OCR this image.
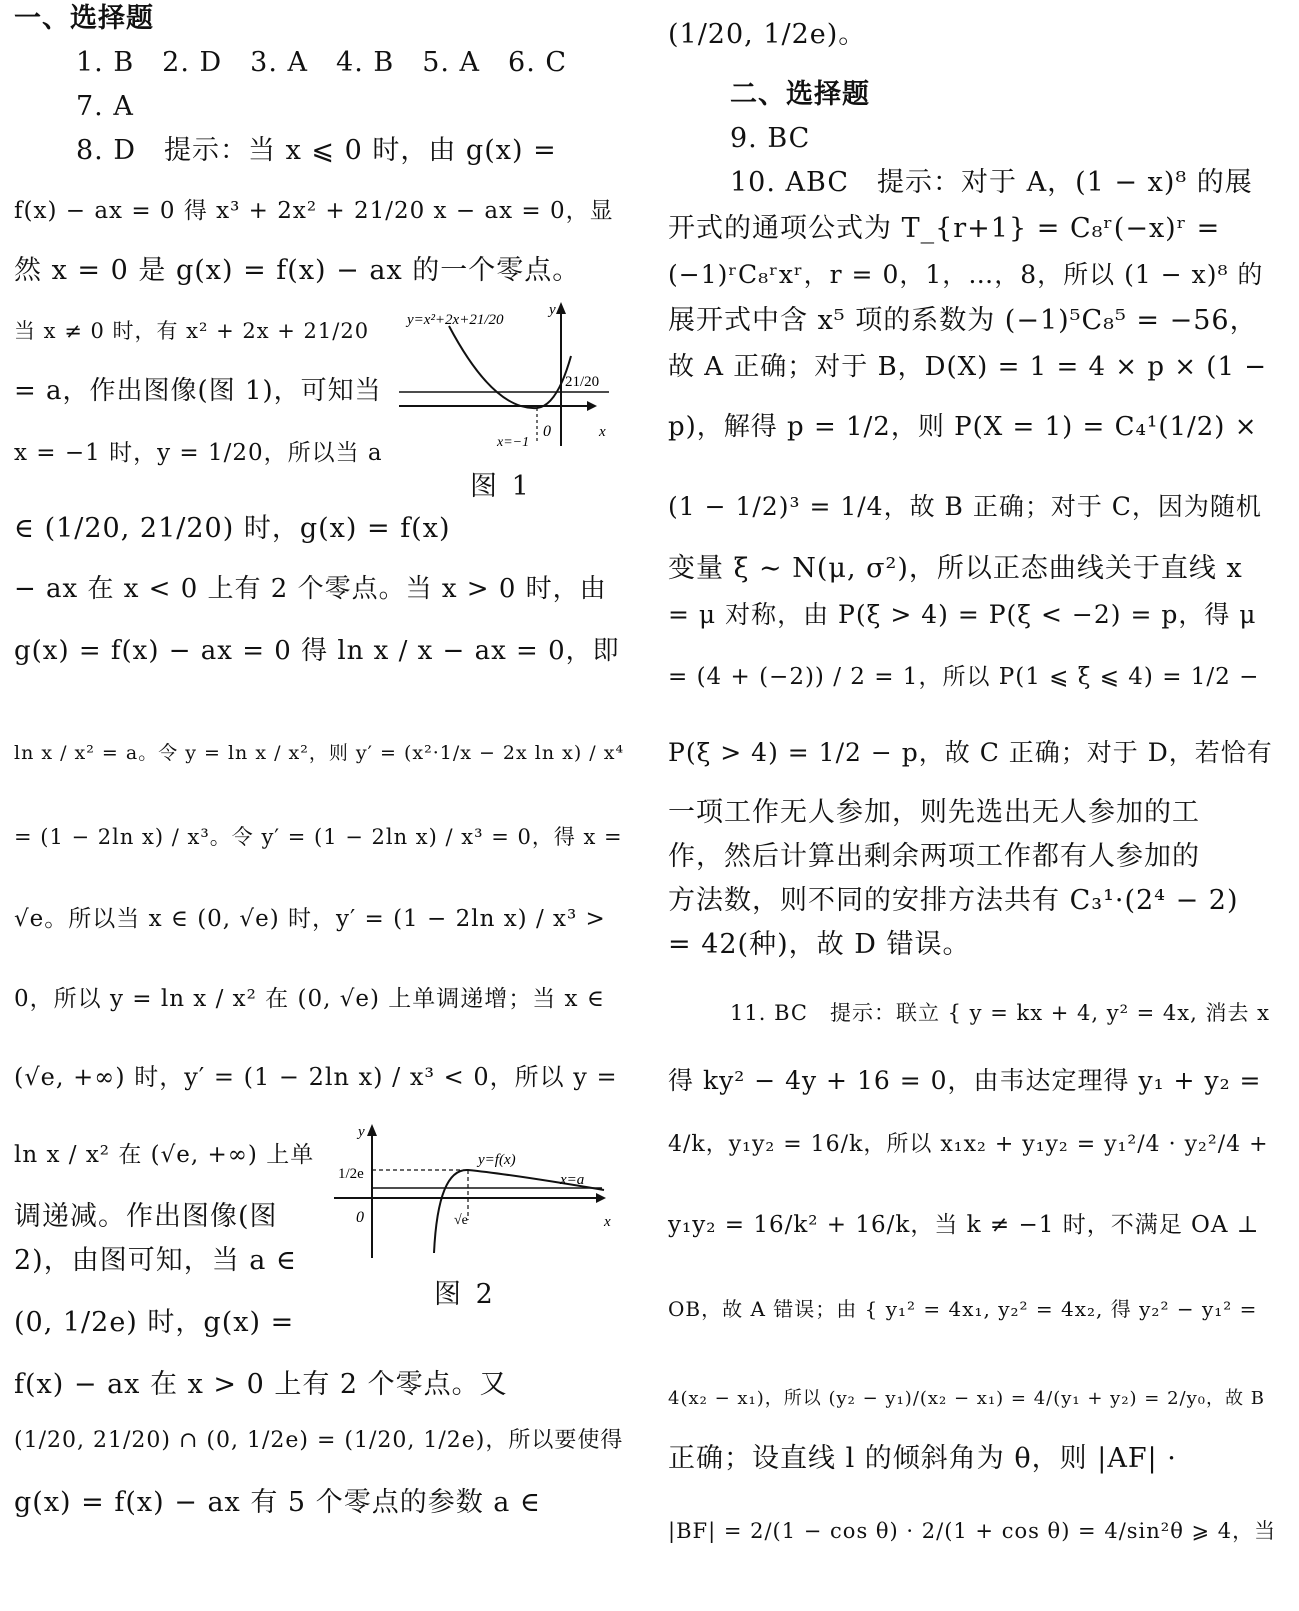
一、选择题
1. B　2. D　3. A　4. B　5. A　6. C
7. A
8. D　提示：当 x ⩽ 0 时，由 g(x) =
f(x) − ax = 0 得 x³ + 2x² + 21/20 x − ax = 0，显
然 x = 0 是 g(x) = f(x) − ax 的一个零点。
当 x ≠ 0 时，有 x² + 2x + 21/20
= a，作出图像(图 1)，可知当
x = −1 时，y = 1/20，所以当 a
∈ (1/20, 21/20) 时，g(x) = f(x)
− ax 在 x < 0 上有 2 个零点。当 x > 0 时，由
g(x) = f(x) − ax = 0 得 ln x / x − ax = 0，即
ln x / x² = a。令 y = ln x / x²，则 y′ = (x²·1/x − 2x ln x) / x⁴
= (1 − 2ln x) / x³。令 y′ = (1 − 2ln x) / x³ = 0，得 x =
√e。所以当 x ∈ (0, √e) 时，y′ = (1 − 2ln x) / x³ >
0，所以 y = ln x / x² 在 (0, √e) 上单调递增；当 x ∈
(√e, +∞) 时，y′ = (1 − 2ln x) / x³ < 0，所以 y =
ln x / x² 在 (√e, +∞) 上单
调递减。作出图像(图
2)，由图可知，当 a ∈
(0, 1/2e) 时，g(x) =
f(x) − ax 在 x > 0 上有 2 个零点。又
(1/20, 21/20) ∩ (0, 1/2e) = (1/20, 1/2e)，所以要使得
g(x) = f(x) − ax 有 5 个零点的参数 a ∈
y=x²+2x+21/20
y
x
0
x=−1
21/20
图 1
y
x
0
1/2e
√e
y=f(x)
x=a
图 2
(1/20, 1/2e)。
二、选择题
9. BC
10. ABC　提示：对于 A，(1 − x)⁸ 的展
开式的通项公式为 T_{r+1} = C₈ʳ(−x)ʳ =
(−1)ʳC₈ʳxʳ，r = 0，1，…，8，所以 (1 − x)⁸ 的
展开式中含 x⁵ 项的系数为 (−1)⁵C₈⁵ = −56，
故 A 正确；对于 B，D(X) = 1 = 4 × p × (1 −
p)，解得 p = 1/2，则 P(X = 1) = C₄¹(1/2) ×
(1 − 1/2)³ = 1/4，故 B 正确；对于 C，因为随机
变量 ξ ∼ N(μ, σ²)，所以正态曲线关于直线 x
= μ 对称，由 P(ξ > 4) = P(ξ < −2) = p，得 μ
= (4 + (−2)) / 2 = 1，所以 P(1 ⩽ ξ ⩽ 4) = 1/2 −
P(ξ > 4) = 1/2 − p，故 C 正确；对于 D，若恰有
一项工作无人参加，则先选出无人参加的工
作，然后计算出剩余两项工作都有人参加的
方法数，则不同的安排方法共有 C₃¹·(2⁴ − 2)
= 42(种)，故 D 错误。
11. BC　提示：联立 { y = kx + 4, y² = 4x, 消去 x
得 ky² − 4y + 16 = 0，由韦达定理得 y₁ + y₂ =
4/k，y₁y₂ = 16/k，所以 x₁x₂ + y₁y₂ = y₁²/4 · y₂²/4 +
y₁y₂ = 16/k² + 16/k，当 k ≠ −1 时，不满足 OA ⊥
OB，故 A 错误；由 { y₁² = 4x₁, y₂² = 4x₂, 得 y₂² − y₁² =
4(x₂ − x₁)，所以 (y₂ − y₁)/(x₂ − x₁) = 4/(y₁ + y₂) = 2/y₀，故 B
正确；设直线 l 的倾斜角为 θ，则 |AF| ·
|BF| = 2/(1 − cos θ) · 2/(1 + cos θ) = 4/sin²θ ⩾ 4，当
